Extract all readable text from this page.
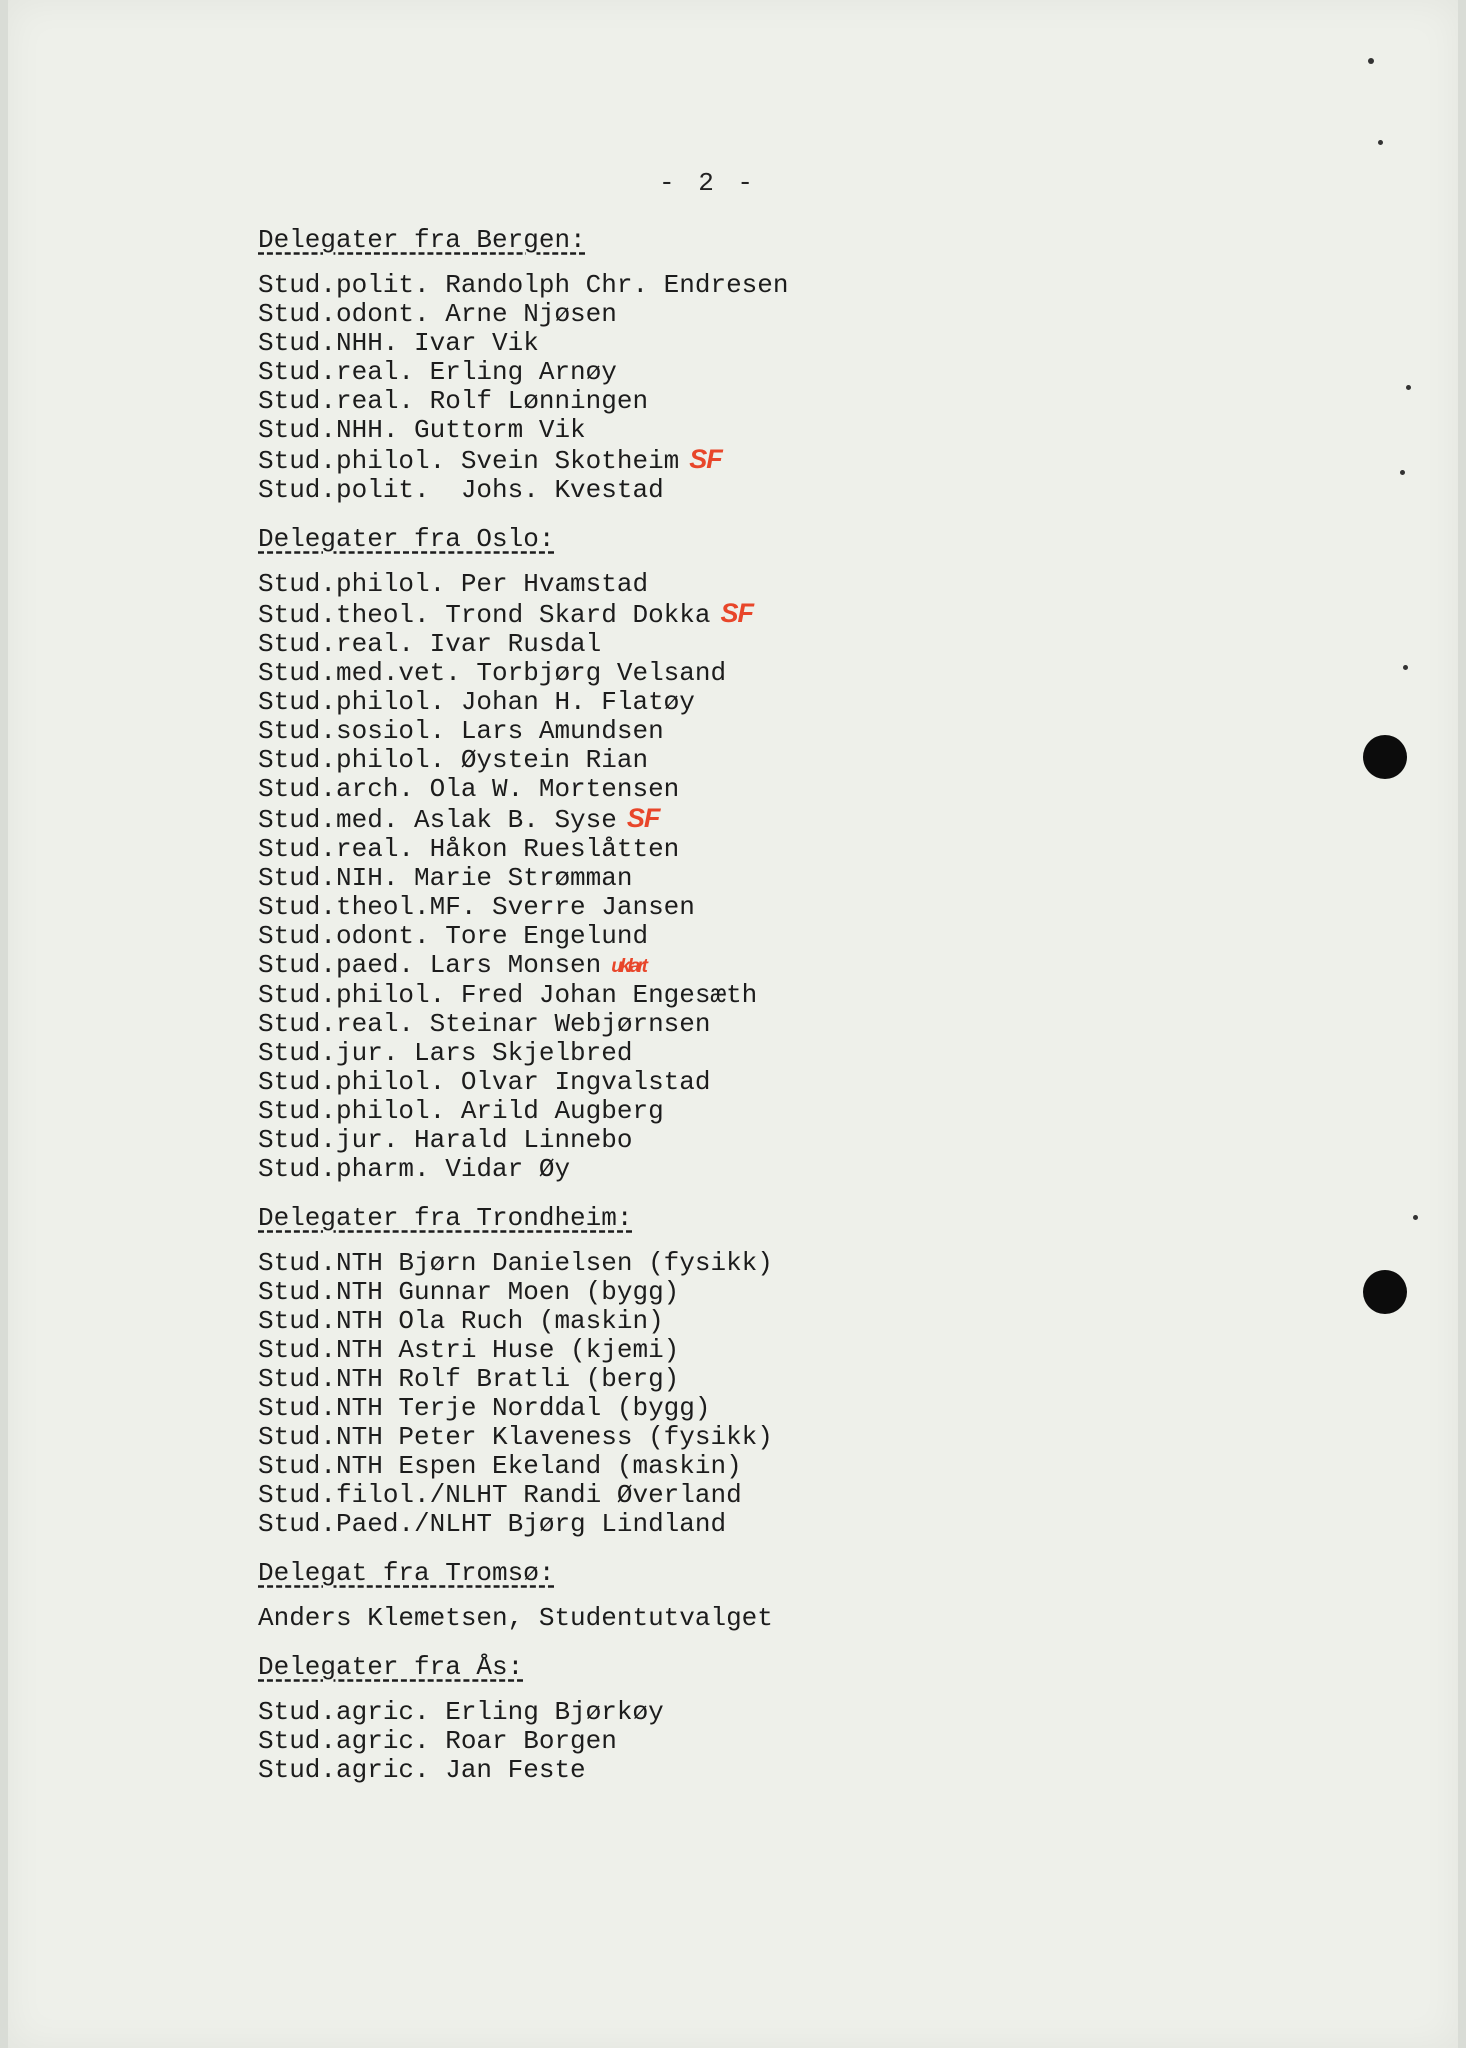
- 2 -
Delegater fra Bergen:
Stud.polit. Randolph Chr. Endresen
Stud.odont. Arne Njøsen
Stud.NHH. Ivar Vik
Stud.real. Erling Arnøy
Stud.real. Rolf Lønningen
Stud.NHH. Guttorm Vik
Stud.philol. Svein Skotheim SF
Stud.polit.  Johs. Kvestad
Delegater fra Oslo:
Stud.philol. Per Hvamstad
Stud.theol. Trond Skard Dokka SF
Stud.real. Ivar Rusdal
Stud.med.vet. Torbjørg Velsand
Stud.philol. Johan H. Flatøy
Stud.sosiol. Lars Amundsen
Stud.philol. Øystein Rian
Stud.arch. Ola W. Mortensen
Stud.med. Aslak B. Syse SF
Stud.real. Håkon Rueslåtten
Stud.NIH. Marie Strømman
Stud.theol.MF. Sverre Jansen
Stud.odont. Tore Engelund
Stud.paed. Lars Monsen uklart
Stud.philol. Fred Johan Engesæth
Stud.real. Steinar Webjørnsen
Stud.jur. Lars Skjelbred
Stud.philol. Olvar Ingvalstad
Stud.philol. Arild Augberg
Stud.jur. Harald Linnebo
Stud.pharm. Vidar Øy
Delegater fra Trondheim:
Stud.NTH Bjørn Danielsen (fysikk)
Stud.NTH Gunnar Moen (bygg)
Stud.NTH Ola Ruch (maskin)
Stud.NTH Astri Huse (kjemi)
Stud.NTH Rolf Bratli (berg)
Stud.NTH Terje Norddal (bygg)
Stud.NTH Peter Klaveness (fysikk)
Stud.NTH Espen Ekeland (maskin)
Stud.filol./NLHT Randi Øverland
Stud.Paed./NLHT Bjørg Lindland
Delegat fra Tromsø:
Anders Klemetsen, Studentutvalget
Delegater fra Ås:
Stud.agric. Erling Bjørkøy
Stud.agric. Roar Borgen
Stud.agric. Jan Feste
